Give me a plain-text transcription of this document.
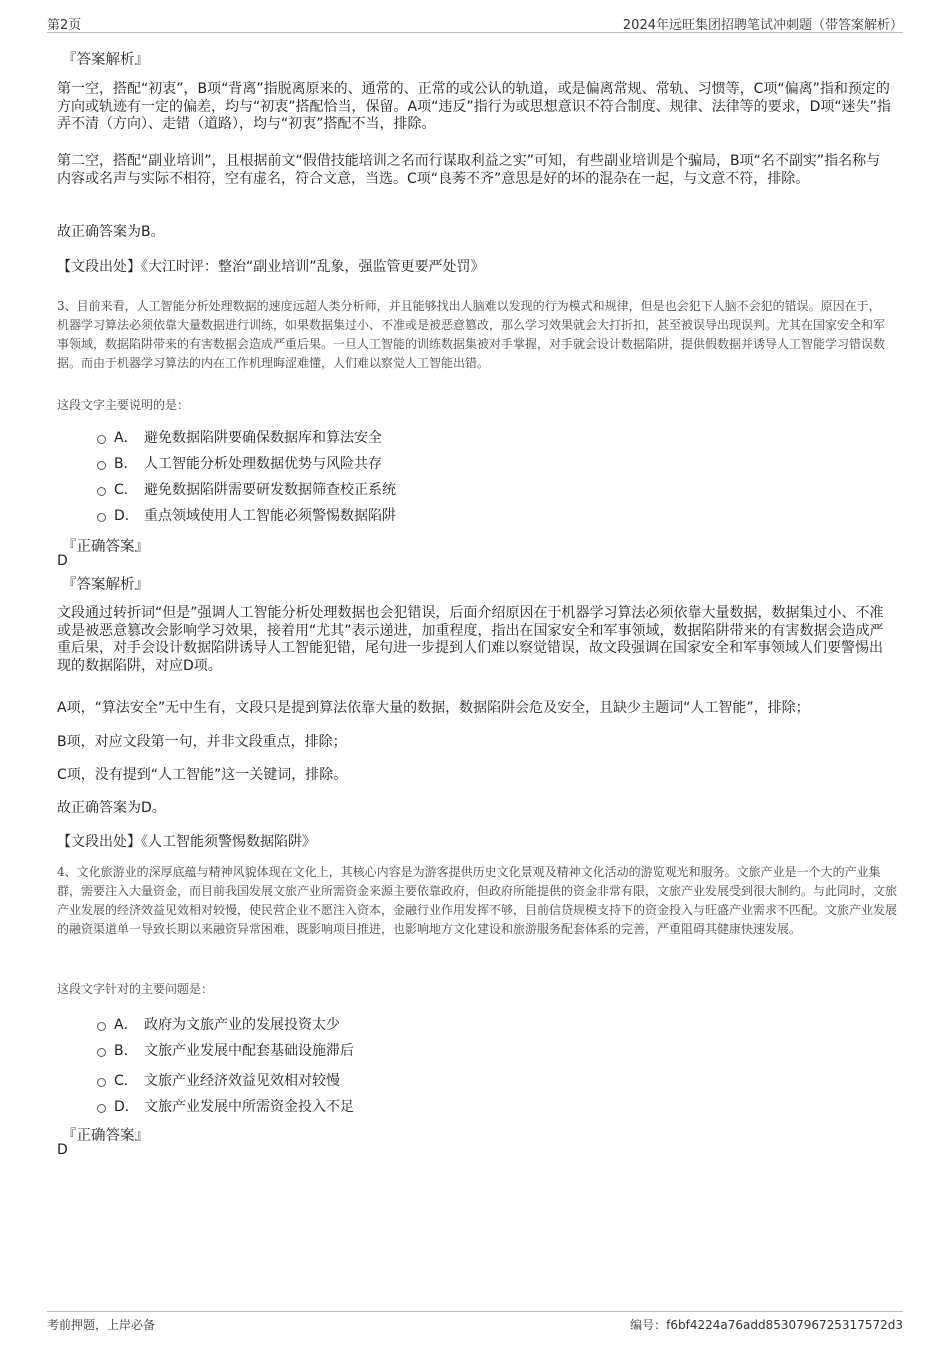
第2页	2024年远旺集团招聘笔试冲刺题（带答案解析）
『答案解析』
第一空，搭配“初衷”，B项“背离”指脱离原来的、通常的、正常的或公认的轨道，或是偏离常规、常轨、习惯等，C项“偏离”指和预定的方向或轨迹有一定的偏差，均与“初衷”搭配恰当，保留。A项“违反”指行为或思想意识不符合制度、规律、法律等的要求，D项“迷失”指弄不清（方向）、走错（道路），均与“初衷”搭配不当，排除。
第二空，搭配“副业培训”，且根据前文“假借技能培训之名而行谋取利益之实”可知，有些副业培训是个骗局，B项“名不副实”指名称与内容或名声与实际不相符，空有虚名，符合文意，当选。C项“良莠不齐”意思是好的坏的混杂在一起，与文意不符，排除。
故正确答案为B。
【文段出处】《大江时评：整治“副业培训”乱象，强监管更要严处罚》
3、目前来看，人工智能分析处理数据的速度远超人类分析师，并且能够找出人脑难以发现的行为模式和规律，但是也会犯下人脑不会犯的错误。原因在于，机器学习算法必须依靠大量数据进行训练，如果数据集过小、不准或是被恶意篡改，那么学习效果就会大打折扣，甚至被误导出现误判。尤其在国家安全和军事领域，数据陷阱带来的有害数据会造成严重后果。一旦人工智能的训练数据集被对手掌握，对手就会设计数据陷阱，提供假数据并诱导人工智能学习错误数据。而由于机器学习算法的内在工作机理晦涩难懂，人们难以察觉人工智能出错。
这段文字主要说明的是：
A． 避免数据陷阱要确保数据库和算法安全
B． 人工智能分析处理数据优势与风险共存
C． 避免数据陷阱需要研发数据筛查校正系统
D． 重点领域使用人工智能必须警惕数据陷阱
『正确答案』
D
『答案解析』
文段通过转折词“但是”强调人工智能分析处理数据也会犯错误，后面介绍原因在于机器学习算法必须依靠大量数据，数据集过小、不准或是被恶意篡改会影响学习效果，接着用“尤其”表示递进，加重程度，指出在国家安全和军事领域，数据陷阱带来的有害数据会造成严重后果，对手会设计数据陷阱诱导人工智能犯错，尾句进一步提到人们难以察觉错误，故文段强调在国家安全和军事领域人们要警惕出现的数据陷阱，对应D项。
A项，“算法安全”无中生有，文段只是提到算法依靠大量的数据，数据陷阱会危及安全，且缺少主题词“人工智能”，排除；
B项，对应文段第一句，并非文段重点，排除；
C项，没有提到“人工智能”这一关键词，排除。
故正确答案为D。
【文段出处】《人工智能须警惕数据陷阱》
4、文化旅游业的深厚底蕴与精神风貌体现在文化上，其核心内容是为游客提供历史文化景观及精神文化活动的游览观光和服务。文旅产业是一个大的产业集群，需要注入大量资金，而目前我国发展文旅产业所需资金来源主要依靠政府，但政府所能提供的资金非常有限，文旅产业发展受到很大制约。与此同时，文旅产业发展的经济效益见效相对较慢，使民营企业不愿注入资本，金融行业作用发挥不够，目前信贷规模支持下的资金投入与旺盛产业需求不匹配。文旅产业发展的融资渠道单一导致长期以来融资异常困难，既影响项目推进，也影响地方文化建设和旅游服务配套体系的完善，严重阻碍其健康快速发展。
这段文字针对的主要问题是：
A． 政府为文旅产业的发展投资太少
B． 文旅产业发展中配套基础设施滞后
C． 文旅产业经济效益见效相对较慢
D． 文旅产业发展中所需资金投入不足
『正确答案』
D
考前押题，上岸必备	编号：f6bf4224a76add8530796725317572d3
